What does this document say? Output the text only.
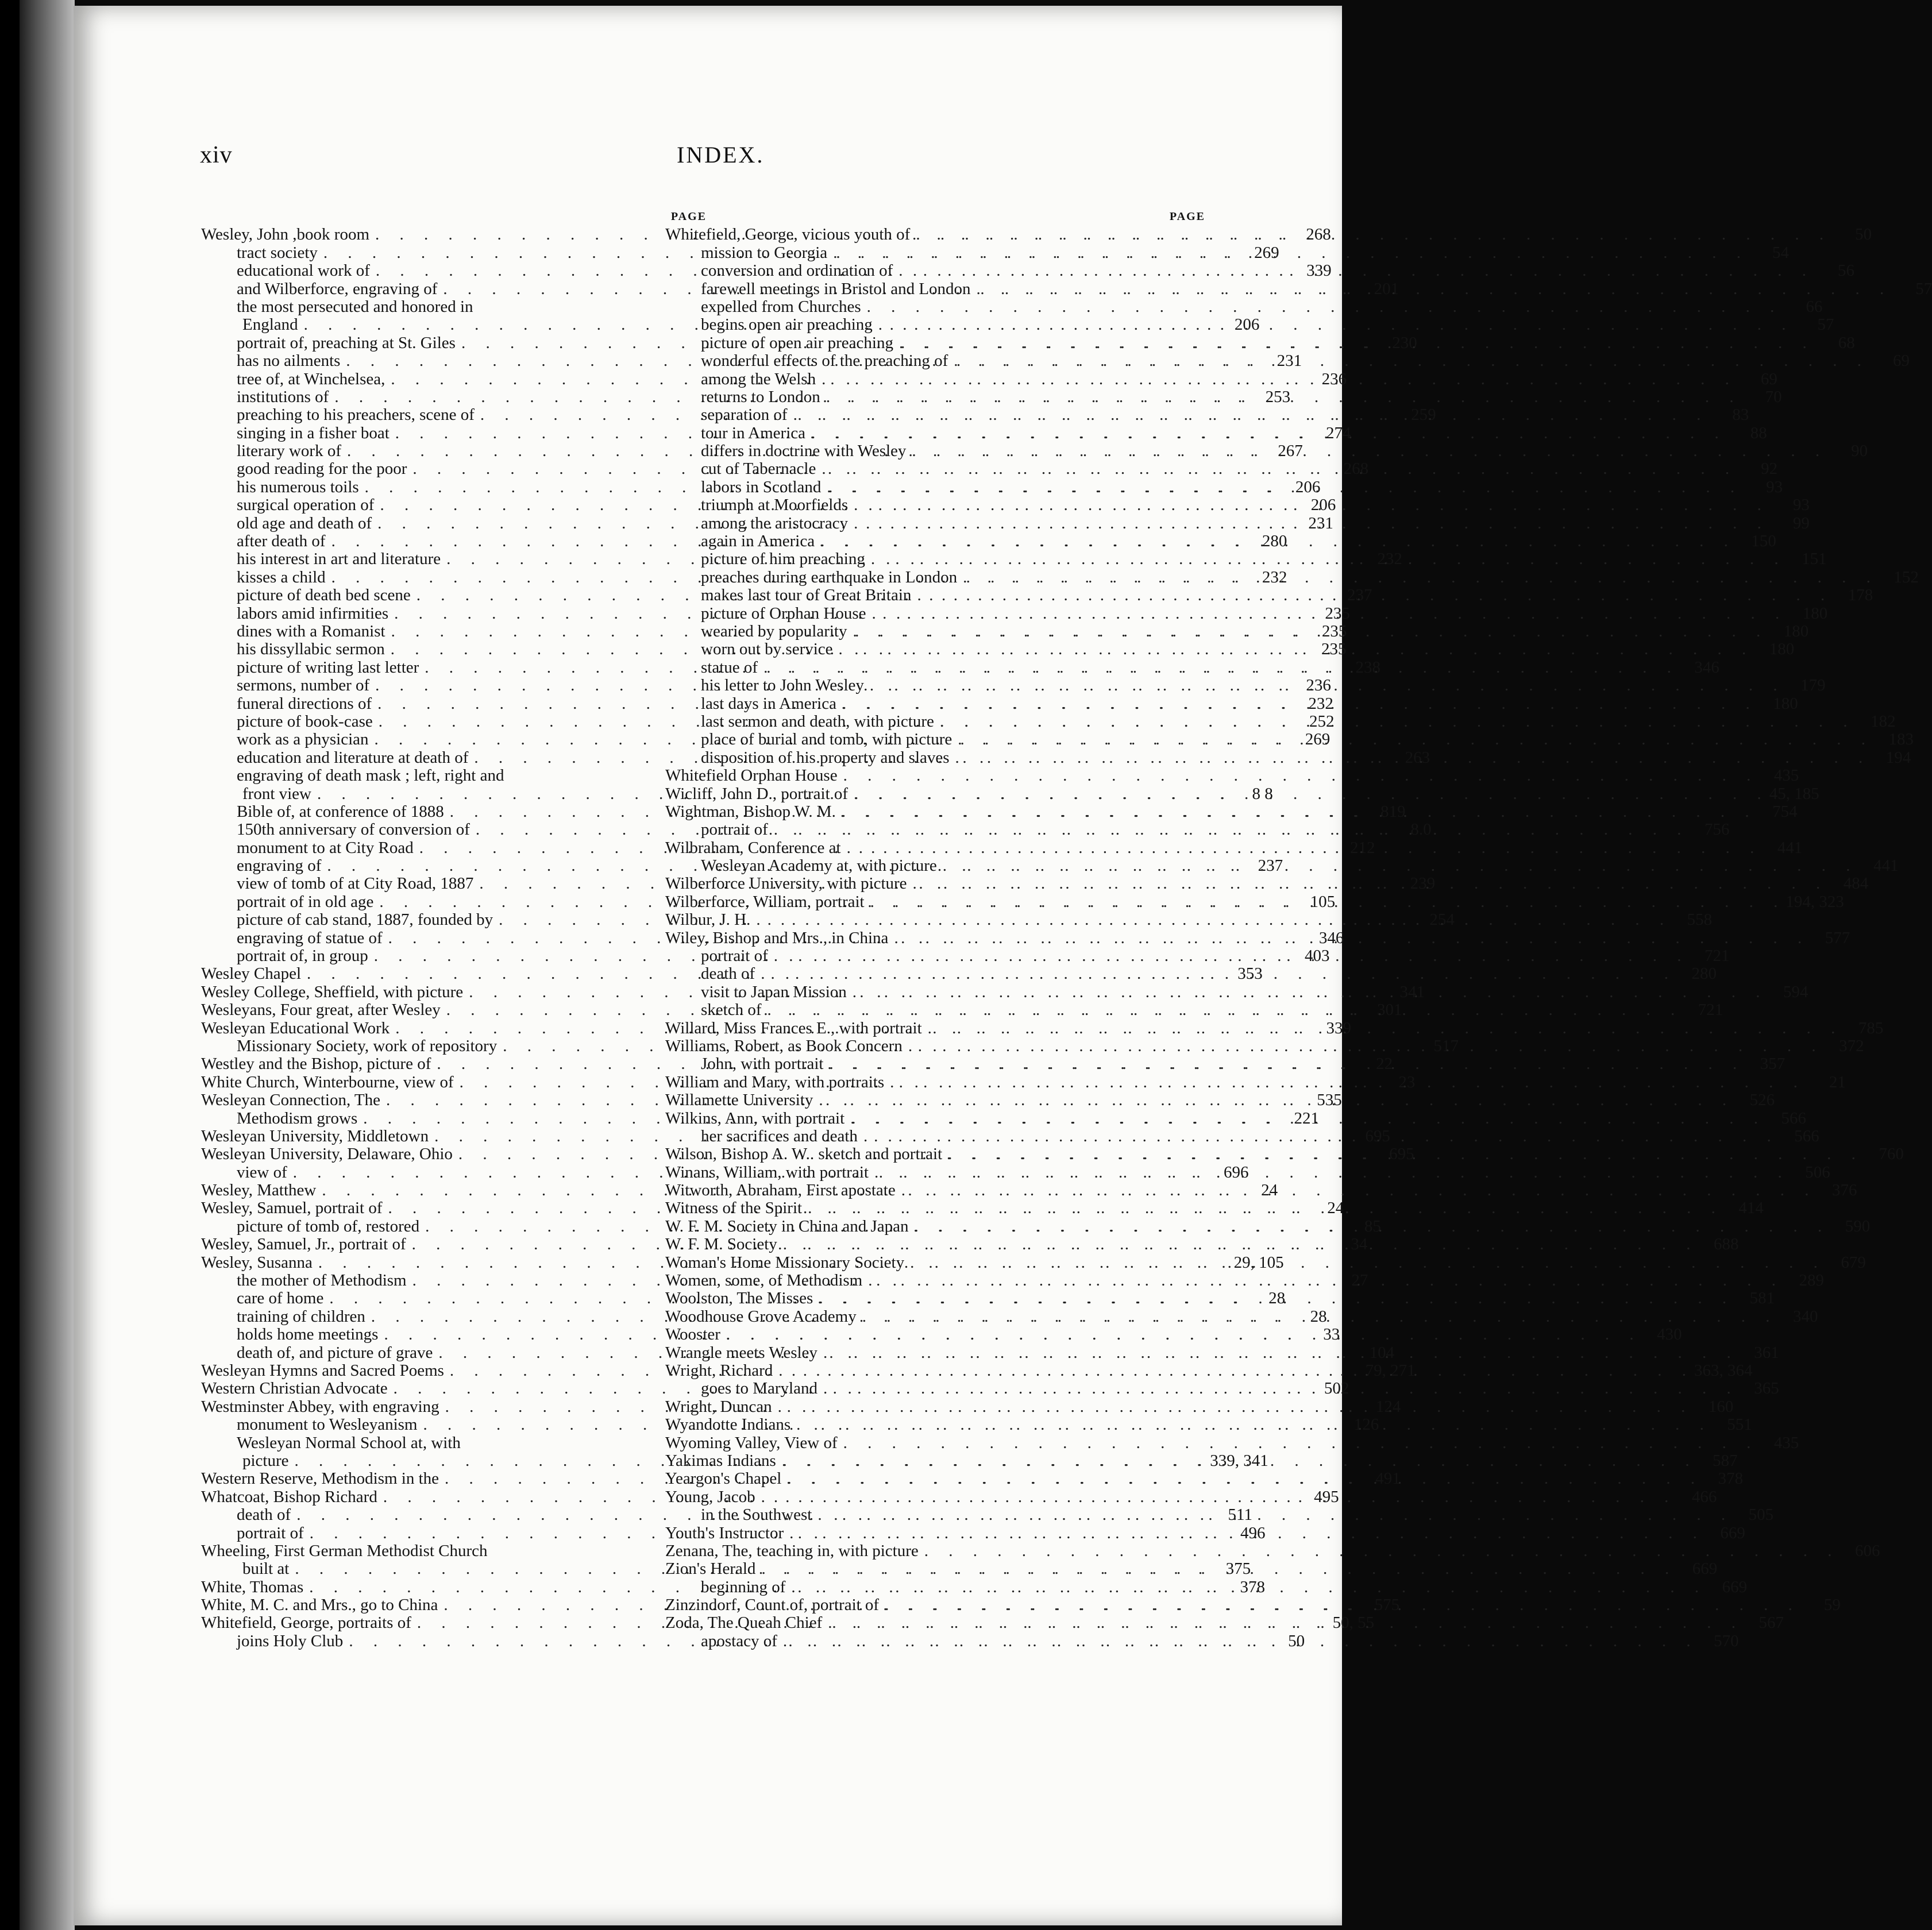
xiv	INDEX.
PAGE
Wesley, John ,book room . . .	268
tract society . . .	269
educational work of . . .	339
and Wilberforce, engraving of . . .	201
the most persecuted and honored in
England . . .	206
portrait of, preaching at St. Giles . . .	230
has no ailments . . .	231
tree of, at Winchelsea, . . .	236
institutions of . . .	253
preaching to his preachers, scene of . . .	259
singing in a fisher boat . . .	274
literary work of . . .	267
good reading for the poor . . .	268
his numerous toils . . .	206
surgical operation of . . .	206
old age and death of . . .	231
after death of . . .	280
his interest in art and literature . . .	232
kisses a child . . .	232
picture of death bed scene . . .	237
labors amid infirmities . . .	235
dines with a Romanist . . .	235
his dissyllabic sermon . . .	235
picture of writing last letter . . .	238
sermons, number of . . .	236
funeral directions of . . .	232
picture of book-case . . .	252
work as a physician . . .	269
education and literature at death of . . .	263
engraving of death mask ; left, right and
front view . . .	8 8
Bible of, at conference of 1888 . . .	819
150th anniversary of conversion of . . .	8.0
monument to at City Road . . .	212
engraving of . . .	237
view of tomb of at City Road, 1887 . . .	239
portrait of in old age . . .	105
picture of cab stand, 1887, founded by . . .	254
engraving of statue of . . .	346
portrait of, in group . . .	403
Wesley Chapel . . .	353
Wesley College, Sheffield, with picture . . .	341
Wesleyans, Four great, after Wesley . . .	301
Wesleyan Educational Work . . .	339
Missionary Society, work of repository . . .	517
Westley and the Bishop, picture of . . .	22
White Church, Winterbourne, view of . . .	23
Wesleyan Connection, The . . .	535
Methodism grows . . .	221
Wesleyan University, Middletown . . .	695
Wesleyan University, Delaware, Ohio . . .	695
view of . . .	696
Wesley, Matthew . . .	24
Wesley, Samuel, portrait of . . .	24
picture of tomb of, restored . . .	85
Wesley, Samuel, Jr., portrait of . . .	34
Wesley, Susanna . . .	29, 105
the mother of Methodism . . .	27
care of home . . .	28
training of children . . .	28
holds home meetings . . .	33
death of, and picture of grave . . .	104
Wesleyan Hymns and Sacred Poems . . .	79, 271
Western Christian Advocate . . .	502
Westminster Abbey, with engraving . . .	124
monument to Wesleyanism . . .	126
Wesleyan Normal School at, with
picture . . .	339, 341
Western Reserve, Methodism in the . . .	491
Whatcoat, Bishop Richard . . .	495
death of . . .	511
portrait of . . .	496
Wheeling, First German Methodist Church
built at . . .	375
White, Thomas . . .	378
White, M. C. and Mrs., go to China . . .	575
Whitefield, George, portraits of . . .	50, 55
joins Holy Club . . .	50
PAGE
Whitefield, George, vicious youth of . . .	50
mission to Georgia . . .	54
conversion and ordination of . . .	56
farewell meetings in Bristol and London . . .	57
expelled from Churches . . .	66
begins open air preaching . . .	57
picture of open air preaching . . .	68
wonderful effects of the preaching of . . .	69
among the Welsh . . .	69
returns to London . . .	70
separation of . . .	83
tour in America . . .	88
differs in doctrine with Wesley . . .	90
cut of Tabernacle . . .	92
labors in Scotland . . .	93
triumph at Moorfields . . .	93
among the aristocracy . . .	99
again in America . . .	150
picture of him preaching . . .	151
preaches during earthquake in London . . .	152
makes last tour of Great Britain . . .	178
picture of Orphan House . . .	180
wearied by popularity . . .	180
worn out by service . . .	180
statue of . . .	346
his letter to John Wesley . . .	179
last days in America . . .	180
last sermon and death, with picture . . .	182
place of burial and tomb, with picture . . .	183
disposition of his property and slaves . . .	194
Whitefield Orphan House . . .	435
Wicliff, John D., portrait of . . .	45, 185
Wightman, Bishop W. M. . . .	754
portrait of . . .	756
Wilbraham, Conference at . . .	441
Wesleyan Academy at, with picture . . .	441
Wilberforce University, with picture . . .	484
Wilberforce, William, portrait . . .	194, 323
Wilbur, J. H. . . .	558
Wiley, Bishop and Mrs., in China . . .	577
portrait of . . .	721
death of . . .	280
visit to Japan Mission . . .	594
sketch of . . .	721
Willard, Miss Frances E., with portrait . . .	785
Williams, Robert, as Book Concern . . .	372
John, with portrait . . .	357
William and Mary, with portraits . . .	21
Willamette University . . .	526
Wilkins, Ann, with portrait . . .	566
her sacrifices and death . . .	566
Wilson, Bishop A. W.. sketch and portrait . . .	760
Winans, William, with portrait . . .	506
Witworth, Abraham, First apostate . . .	376
Witness of the Spirit . . .	414
W. F. M. Society in China and Japan . . .	590
W. F. M. Society . . .	688
Woman's Home Missionary Society . . .	679
Women, some, of Methodism . . .	289
Woolston, The Misses . . .	581
Woodhouse Grove Academy . . .	340
Wooster . . .	430
Wrangle meets Wesley . . .	361
Wright, Richard . . .	363, 364
goes to Maryland . . .	365
Wright, Duncan . . .	160
Wyandotte Indians . . .	551
Wyoming Valley, View of . . .	435
Yakimas Indians . . .	587
Yeargon's Chapel . . .	378
Young, Jacob . . .	466
in the Southwest . . .	505
Youth's Instructor . . .	669
Zenana, The, teaching in, with picture . . .	606
Zion's Herald . . .	669
beginning of . . .	669
Zinzindorf, Count of, portrait of . . .	59
Zoda, The Queah Chief . . .	567
apostacy of . . .	570
